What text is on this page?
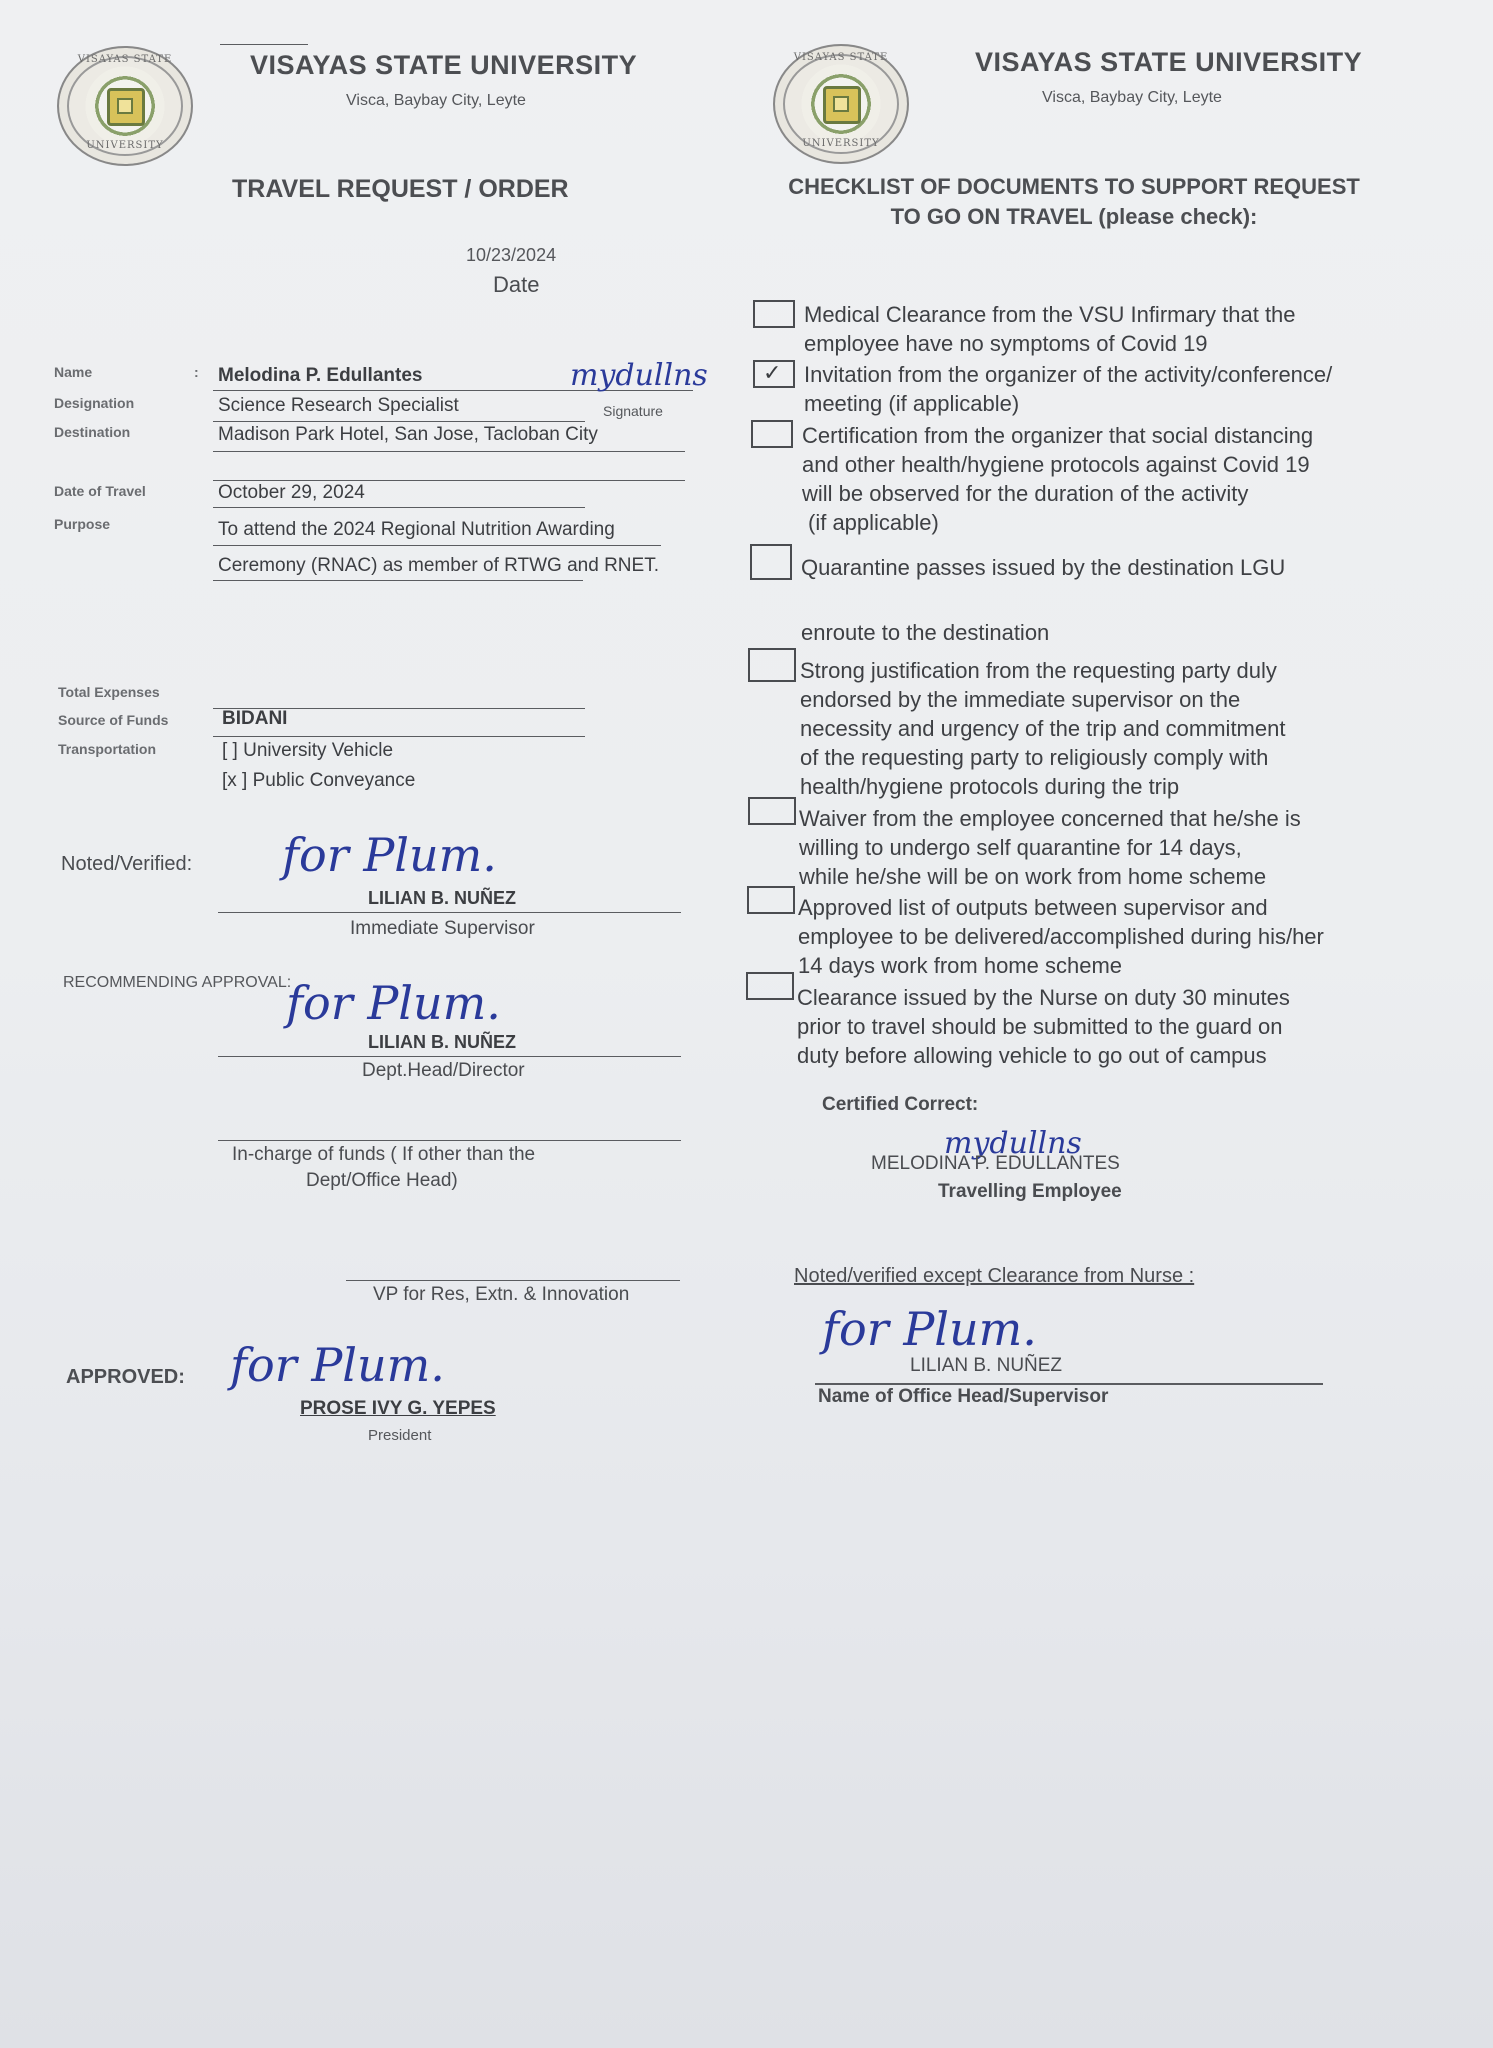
VISAYAS STATE
UNIVERSITY
VISAYAS STATE UNIVERSITY
Visca, Baybay City, Leyte
TRAVEL REQUEST / ORDER
10/23/2024
Date
Name	: Melodina P. Edullantes	mydullns
Signature
Designation	Science Research Specialist
Destination	Madison Park Hotel, San Jose, Tacloban City
Date of Travel	October 29, 2024
Purpose	To attend the 2024 Regional Nutrition Awarding
Ceremony (RNAC) as member of RTWG and RNET.
Total Expenses
Source of Funds	BIDANI
Transportation	[ ] University Vehicle
[x ] Public Conveyance
Noted/Verified: for Plum.
LILIAN B. NUÑEZ
Immediate Supervisor
RECOMMENDING APPROVAL:
for Plum.
LILIAN B. NUÑEZ
Dept.Head/Director
In-charge of funds ( If other than the
Dept/Office Head)
VP for Res, Extn. & Innovation
APPROVED: for Plum.
PROSE IVY G. YEPES
President
VISAYAS STATE
UNIVERSITY
VISAYAS STATE UNIVERSITY
Visca, Baybay City, Leyte
CHECKLIST OF DOCUMENTS TO SUPPORT REQUEST
TO GO ON TRAVEL (please check):
Medical Clearance from the VSU Infirmary that the
employee have no symptoms of Covid 19
✓ Invitation from the organizer of the activity/conference/
meeting (if applicable)
Certification from the organizer that social distancing
and other health/hygiene protocols against Covid 19
will be observed for the duration of the activity
(if applicable)
Quarantine passes issued by the destination LGU
enroute to the destination
Strong justification from the requesting party duly
endorsed by the immediate supervisor on the
necessity and urgency of the trip and commitment
of the requesting party to religiously comply with
health/hygiene protocols during the trip
Waiver from the employee concerned that he/she is
willing to undergo self quarantine for 14 days,
while he/she will be on work from home scheme
Approved list of outputs between supervisor and
employee to be delivered/accomplished during his/her
14 days work from home scheme
Clearance issued by the Nurse on duty 30 minutes
prior to travel should be submitted to the guard on
duty before allowing vehicle to go out of campus
Certified Correct:
mydullns
MELODINA P. EDULLANTES
Travelling Employee
Noted/verified except Clearance from Nurse :
for Plum.
LILIAN B. NUÑEZ
Name of Office Head/Supervisor
